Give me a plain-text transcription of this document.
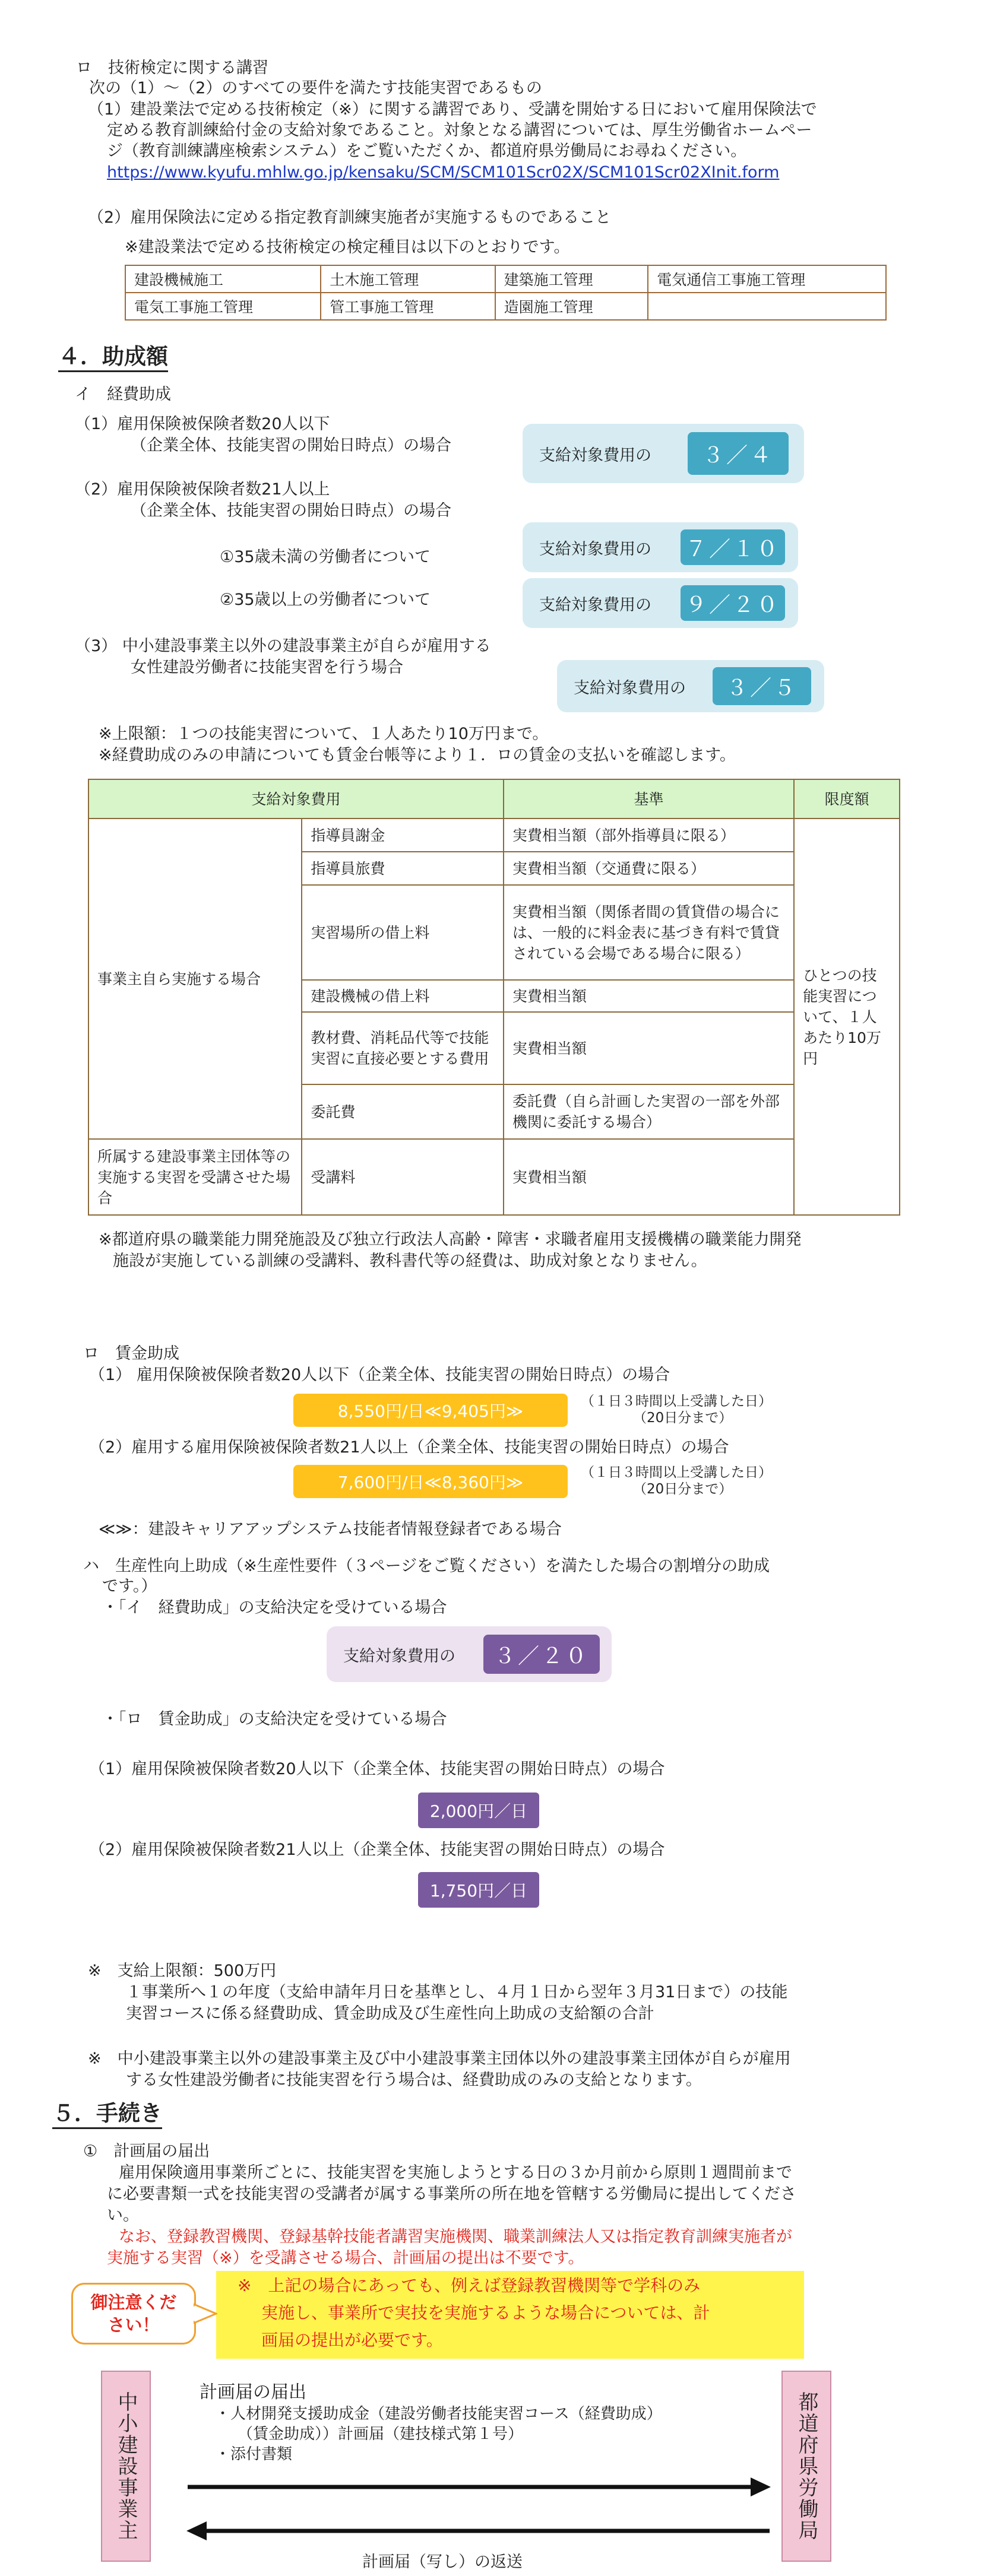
ロ　技術検定に関する講習
次の（1）～（2）のすべての要件を満たす技能実習であるもの
（1）建設業法で定める技術検定（※）に関する講習であり、受講を開始する日において雇用保険法で
定める教育訓練給付金の支給対象であること。対象となる講習については、厚生労働省ホームペー
ジ（教育訓練講座検索システム）をご覧いただくか、都道府県労働局にお尋ねください。
https://www.kyufu.mhlw.go.jp/kensaku/SCM/SCM101Scr02X/SCM101Scr02XInit.form
（2）雇用保険法に定める指定教育訓練実施者が実施するものであること
※建設業法で定める技術検定の検定種目は以下のとおりです。
建設機械施工	土木施工管理	建築施工管理	電気通信工事施工管理
電気工事施工管理	管工事施工管理	造園施工管理	
４．助成額
イ　経費助成
（1）雇用保険被保険者数20人以下
（企業全体、技能実習の開始日時点）の場合
支給対象費用の	３／４
（2）雇用保険被保険者数21人以上
（企業全体、技能実習の開始日時点）の場合
①35歳未満の労働者について	支給対象費用の ７／１０
②35歳以上の労働者について	支給対象費用の ９／２０
（3） 中小建設事業主以外の建設事業主が自らが雇用する
女性建設労働者に技能実習を行う場合
支給対象費用の	３／５
※上限額：１つの技能実習について、１人あたり10万円まで。
※経費助成のみの申請についても賃金台帳等により１．ロの賃金の支払いを確認します。
支給対象費用		基準	限度額
事業主自ら実施する場合	指導員謝金	実費相当額（部外指導員に限る）	ひとつの技能実習について、１人あたり10万円
	指導員旅費	実費相当額（交通費に限る）	
	実習場所の借上料	実費相当額（関係者間の賃貸借の場合には、一般的に料金表に基づき有料で賃貸されている会場である場合に限る）	
	建設機械の借上料	実費相当額	
	教材費、消耗品代等で技能実習に直接必要とする費用	実費相当額	
	委託費	委託費（自ら計画した実習の一部を外部機関に委託する場合）	
所属する建設事業主団体等の実施する実習を受講させた場合	受講料	実費相当額	
※都道府県の職業能力開発施設及び独立行政法人高齢・障害・求職者雇用支援機構の職業能力開発
施設が実施している訓練の受講料、教科書代等の経費は、助成対象となりません。
ロ　賃金助成
（1） 雇用保険被保険者数20人以下（企業全体、技能実習の開始日時点）の場合
8,550円/日≪9,405円≫	（１日３時間以上受講した日）
（20日分まで）
（2）雇用する雇用保険被保険者数21人以上（企業全体、技能実習の開始日時点）の場合
7,600円/日≪8,360円≫	（１日３時間以上受講した日）
（20日分まで）
≪≫：建設キャリアアップシステム技能者情報登録者である場合
ハ　生産性向上助成（※生産性要件（３ページをご覧ください）を満たした場合の割増分の助成
です。）
・「イ　経費助成」の支給決定を受けている場合
支給対象費用の	３／２０
・「ロ　賃金助成」の支給決定を受けている場合
（1）雇用保険被保険者数20人以下（企業全体、技能実習の開始日時点）の場合
2,000円／日
（2）雇用保険被保険者数21人以上（企業全体、技能実習の開始日時点）の場合
1,750円／日
※　支給上限額：500万円
１事業所へ１の年度（支給申請年月日を基準とし、４月１日から翌年３月31日まで）の技能
実習コースに係る経費助成、賃金助成及び生産性向上助成の支給額の合計
※　中小建設事業主以外の建設事業主及び中小建設事業主団体以外の建設事業主団体が自らが雇用
する女性建設労働者に技能実習を行う場合は、経費助成のみの支給となります。
５．手続き
①　計画届の届出
雇用保険適用事業所ごとに、技能実習を実施しようとする日の３か月前から原則１週間前まで
に必要書類一式を技能実習の受講者が属する事業所の所在地を管轄する労働局に提出してくださ
い。
なお、登録教習機関、登録基幹技能者講習実施機関、職業訓練法人又は指定教育訓練実施者が
実施する実習（※）を受講させる場合、計画届の提出は不要です。
※　上記の場合にあっても、例えば登録教習機関等で学科のみ
実施し、事業所で実技を実施するような場合については、計
画届の提出が必要です。
御注意ください！
中小建設事業主	都道府県労働局
計画届の届出
・人材開発支援助成金（建設労働者技能実習コース（経費助成）
（賃金助成））計画届（建技様式第１号）
・添付書類
計画届（写し）の返送
